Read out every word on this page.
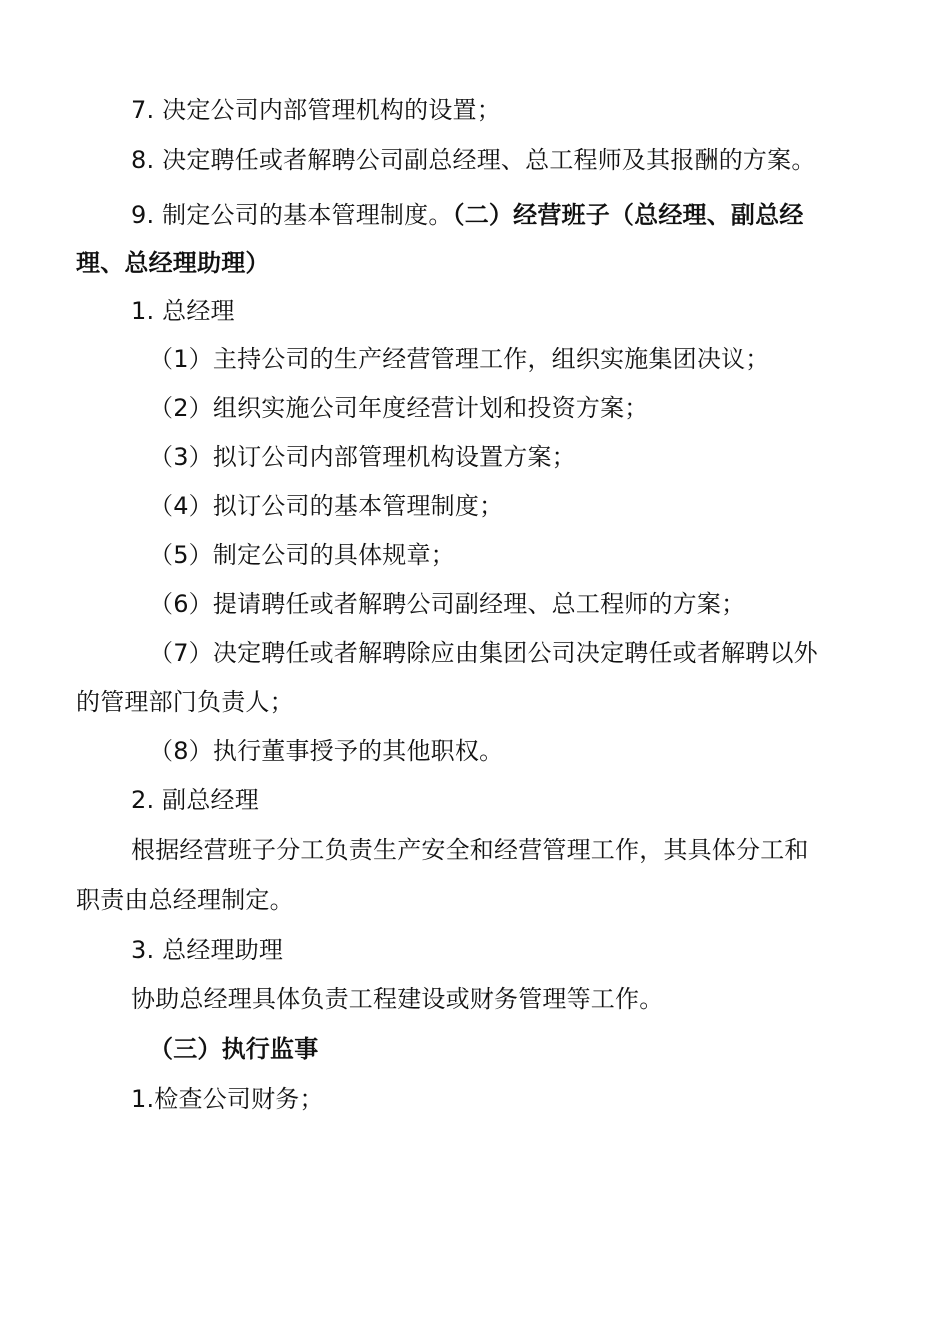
7. 决定公司内部管理机构的设置；
8. 决定聘任或者解聘公司副总经理、总工程师及其报酬的方案。
9. 制定公司的基本管理制度。（二）经营班子（总经理、副总经
理、总经理助理）
1. 总经理
（1）主持公司的生产经营管理工作，组织实施集团决议；
（2）组织实施公司年度经营计划和投资方案；
（3）拟订公司内部管理机构设置方案；
（4）拟订公司的基本管理制度；
（5）制定公司的具体规章；
（6）提请聘任或者解聘公司副经理、总工程师的方案；
（7）决定聘任或者解聘除应由集团公司决定聘任或者解聘以外
的管理部门负责人；
（8）执行董事授予的其他职权。
2. 副总经理
根据经营班子分工负责生产安全和经营管理工作，其具体分工和
职责由总经理制定。
3. 总经理助理
协助总经理具体负责工程建设或财务管理等工作。
（三）执行监事
1.检查公司财务；
